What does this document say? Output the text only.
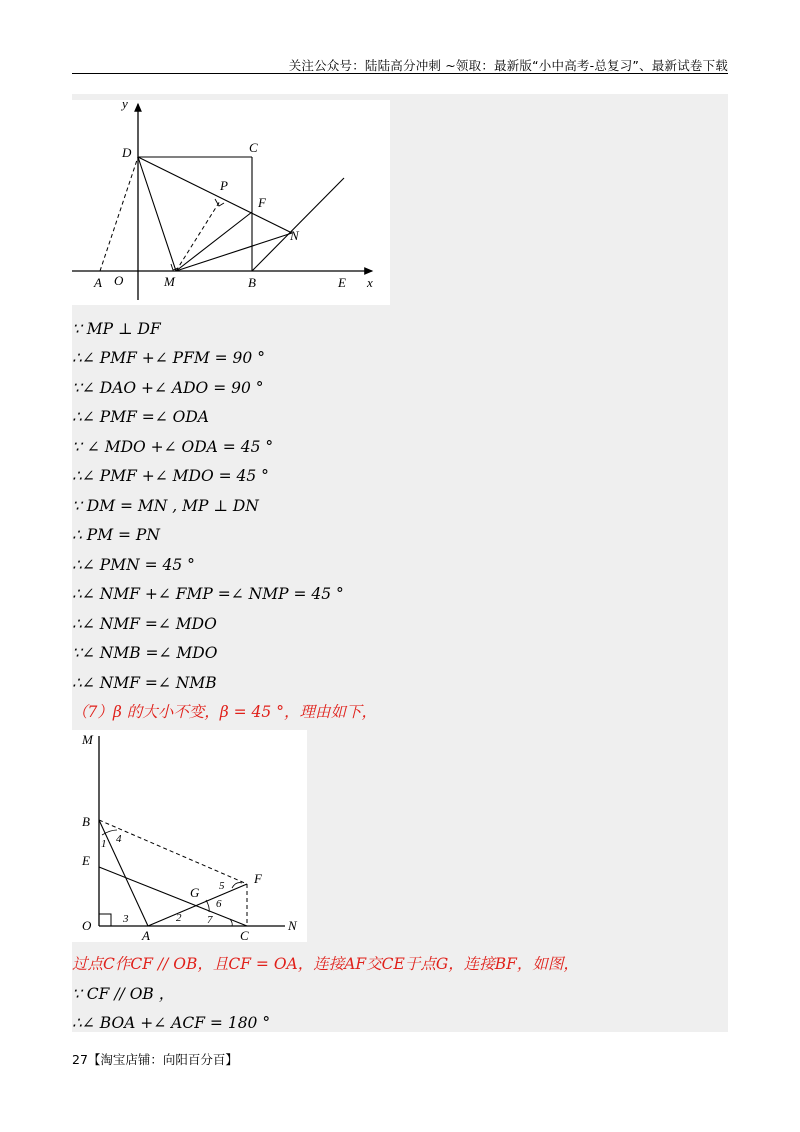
关注公众号：陆陆高分冲刺 ~领取：最新版“小中高考-总复习”、最新试卷下载
y
x
D	C
P
F
N
A O	M	B	E
∵ MP ⊥ DF
∴∠ PMF +∠ PFM = 90 °
∵∠ DAO +∠ ADO = 90 °
∴∠ PMF =∠ ODA
∵ ∠ MDO +∠ ODA = 45 °
∴∠ PMF +∠ MDO = 45 °
∵ DM = MN , MP ⊥ DN
∴ PM = PN
∴∠ PMN = 45 °
∴∠ NMF +∠ FMP =∠ NMP = 45 °
∴∠ NMF =∠ MDO
∵∠ NMB =∠ MDO
∴∠ NMF =∠ NMB
（7）β 的大小不变，β = 45 °，理由如下，
M
B
E
O
A	C
N
F
G
1
2
3
4
5
6
7
过点C作CF // OB，且CF = OA，连接AF交CE于点G，连接BF，如图，
∵ CF // OB ，
∴∠ BOA +∠ ACF = 180 °
27【淘宝店铺：向阳百分百】
